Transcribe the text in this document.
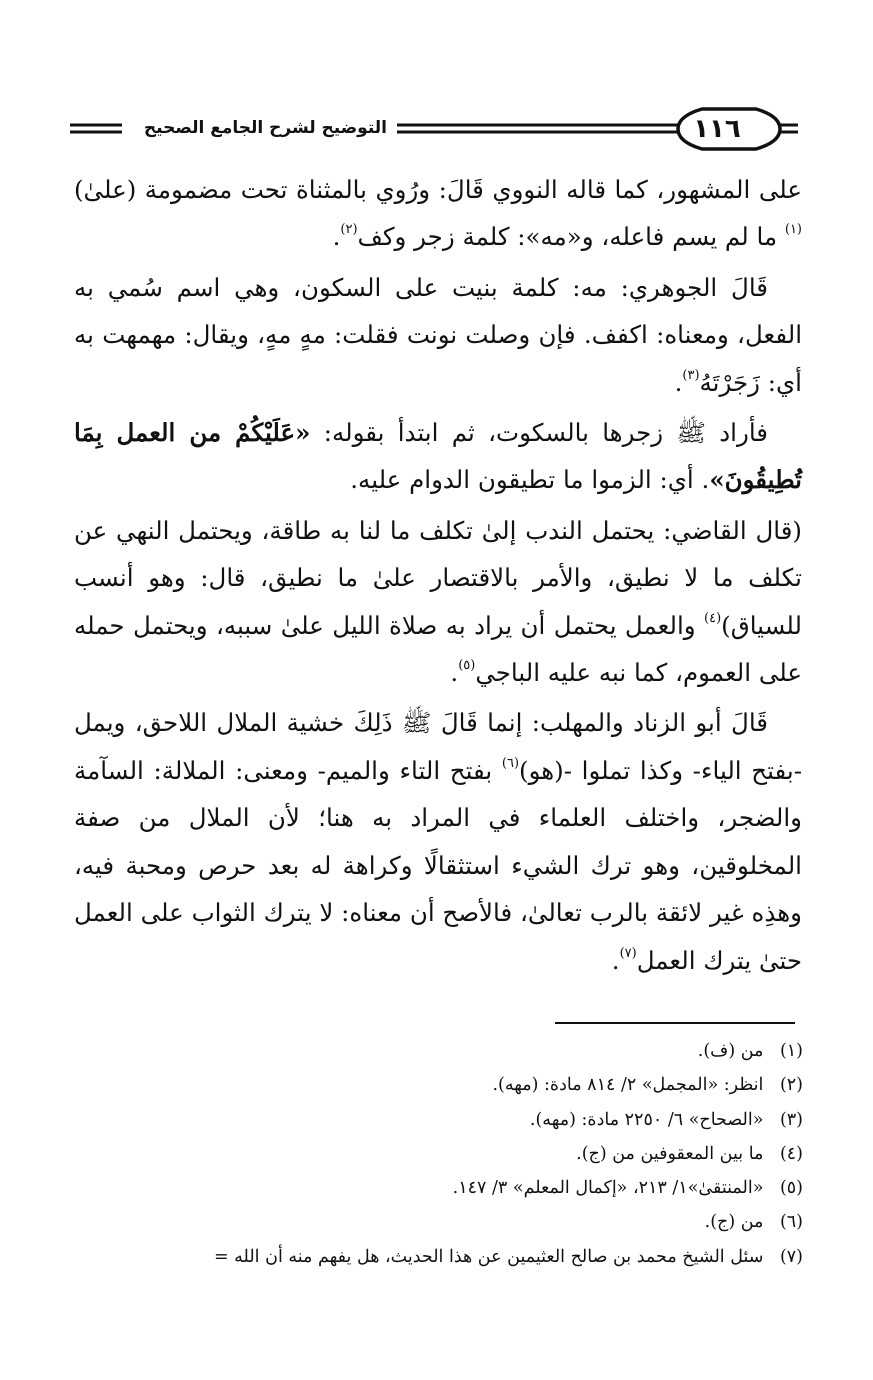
التوضيح لشرح الجامع الصحيح	١١٦

على المشهور، كما قاله النووي قَالَ: ورُوي بالمثناة تحت مضمومة (علىٰ)$^{(١)}$ ما لم يسم فاعله، و«مه»: كلمة زجر وكف$^{(٢)}$.

قَالَ الجوهري: مه: كلمة بنيت على السكون، وهي اسم سُمي به الفعل، ومعناه: اكفف. فإن وصلت نونت فقلت: مهٍ مهٍ، ويقال: مهمهت به أي: زَجَرْتَهُ$^{(٣)}$.

فأراد ﷺ زجرها بالسكوت، ثم ابتدأ بقوله: «عَلَيْكُمْ من العمل بِمَا تُطِيقُونَ». أي: الزموا ما تطيقون الدوام عليه.

(قال القاضي: يحتمل الندب إلىٰ تكلف ما لنا به طاقة، ويحتمل النهي عن تكلف ما لا نطيق، والأمر بالاقتصار علىٰ ما نطيق، قال: وهو أنسب للسياق)$^{(٤)}$ والعمل يحتمل أن يراد به صلاة الليل علىٰ سببه، ويحتمل حمله على العموم، كما نبه عليه الباجي$^{(٥)}$.

قَالَ أبو الزناد والمهلب: إنما قَالَ ﷺ ذَلِكَ خشية الملال اللاحق، ويمل -بفتح الياء- وكذا تملوا -(هو)$^{(٦)}$ بفتح التاء والميم- ومعنى: الملالة: السآمة والضجر، واختلف العلماء في المراد به هنا؛ لأن الملال من صفة المخلوقين، وهو ترك الشيء استثقالًا وكراهة له بعد حرص ومحبة فيه، وهذِه غير لائقة بالرب تعالىٰ، فالأصح أن معناه: لا يترك الثواب على العمل حتىٰ يترك العمل$^{(٧)}$.

(١) من (ف).
(٢) انظر: «المجمل» ٢/ ٨١٤ مادة: (مهه).
(٣) «الصحاح» ٦/ ٢٢٥٠ مادة: (مهه).
(٤) ما بين المعقوفين من (ج).
(٥) «المنتقىٰ»١/ ٢١٣، «إكمال المعلم» ٣/ ١٤٧.
(٦) من (ج).
(٧) سئل الشيخ محمد بن صالح العثيمين عن هذا الحديث، هل يفهم منه أن الله =
